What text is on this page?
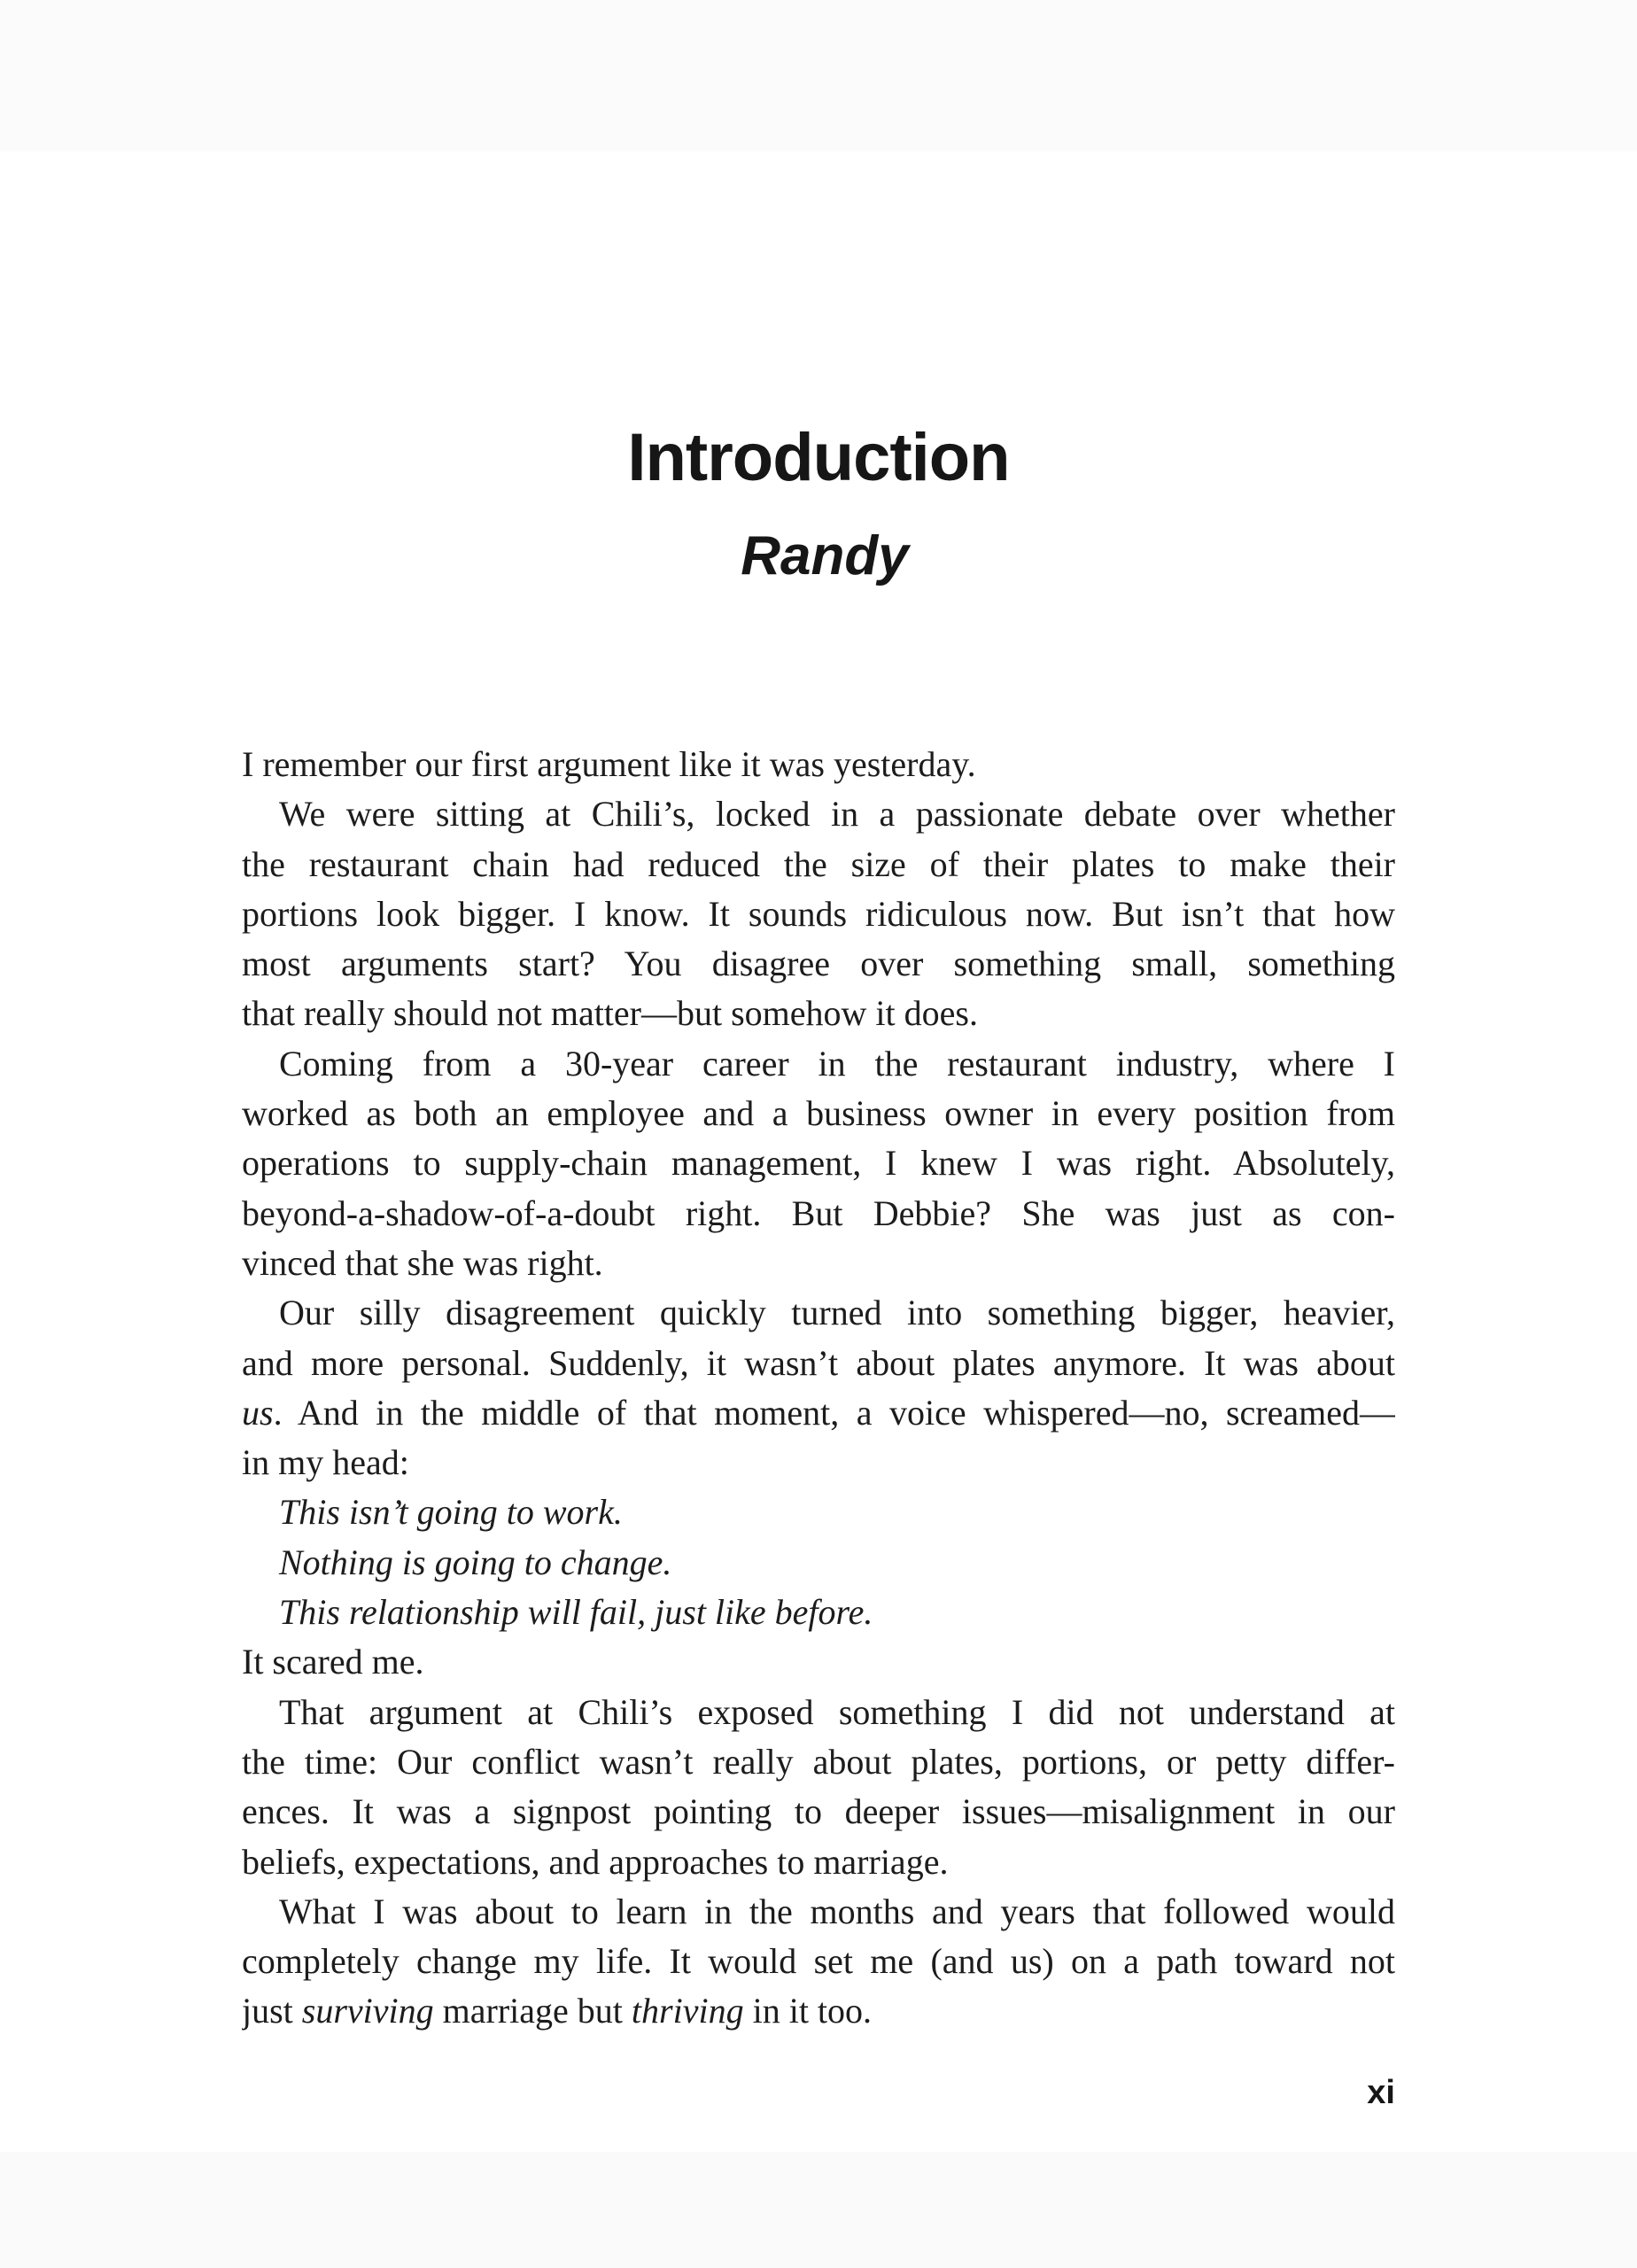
Introduction
Randy
I remember our first argument like it was yesterday.
We were sitting at Chili’s, locked in a passionate debate over whether
the restaurant chain had reduced the size of their plates to make their
portions look bigger. I know. It sounds ridiculous now. But isn’t that how
most arguments start? You disagree over something small, something
that really should not matter—but somehow it does.
Coming from a 30-year career in the restaurant industry, where I
worked as both an employee and a business owner in every position from
operations to supply-chain management, I knew I was right. Absolutely,
beyond-a-shadow-of-a-doubt right. But Debbie? She was just as con-
vinced that she was right.
Our silly disagreement quickly turned into something bigger, heavier,
and more personal. Suddenly, it wasn’t about plates anymore. It was about
us. And in the middle of that moment, a voice whispered—no, screamed—
in my head:
This isn’t going to work.
Nothing is going to change.
This relationship will fail, just like before.
It scared me.
That argument at Chili’s exposed something I did not understand at
the time: Our conflict wasn’t really about plates, portions, or petty differ-
ences. It was a signpost pointing to deeper issues—misalignment in our
beliefs, expectations, and approaches to marriage.
What I was about to learn in the months and years that followed would
completely change my life. It would set me (and us) on a path toward not
just surviving marriage but thriving in it too.
xi
